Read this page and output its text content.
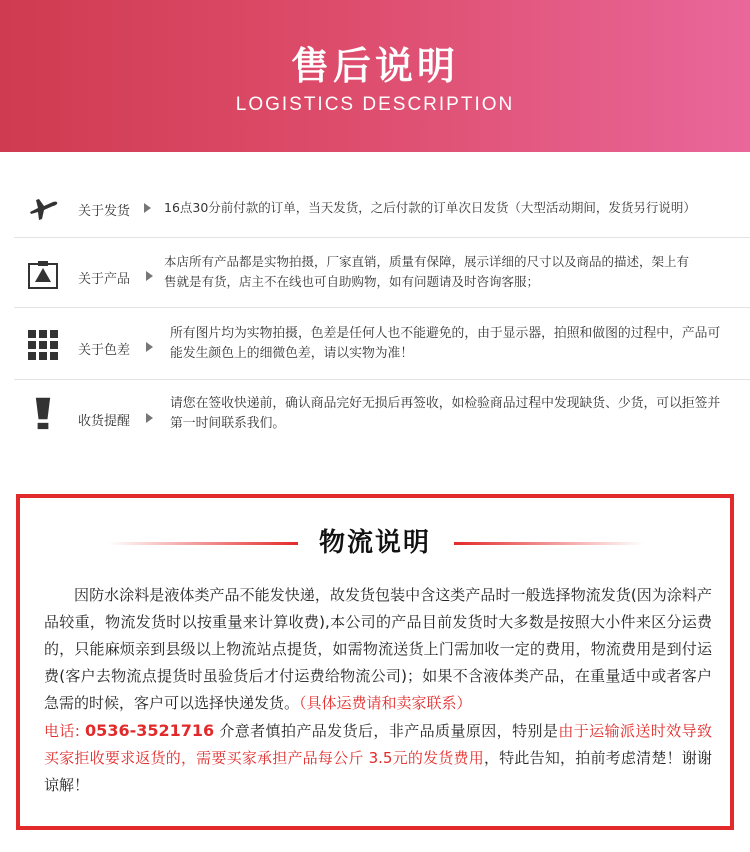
售后说明
LOGISTICS DESCRIPTION
关于发货	16点30分前付款的订单，当天发货，之后付款的订单次日发货（大型活动期间，发货另行说明）
关于产品
本店所有产品都是实物拍摄，厂家直销，质量有保障，展示详细的尺寸以及商品的描述，架上有售就是有货，店主不在线也可自助购物，如有问题请及时咨询客服；
关于色差
所有图片均为实物拍摄，色差是任何人也不能避免的，由于显示器，拍照和做图的过程中，产品可能发生颜色上的细微色差，请以实物为准！
收货提醒
请您在签收快递前，确认商品完好无损后再签收，如检验商品过程中发现缺货、少货，可以拒签并第一时间联系我们。
物流说明
因防水涂料是液体类产品不能发快递，故发货包装中含这类产品时一般选择物流发货(因为涂料产品较重，物流发货时以按重量来计算收费),本公司的产品目前发货时大多数是按照大小件来区分运费的，只能麻烦亲到县级以上物流站点提货，如需物流送货上门需加收一定的费用，物流费用是到付运费(客户去物流点提货时虽验货后才付运费给物流公司)；如果不含液体类产品，在重量适中或者客户急需的时候，客户可以选择快递发货。（具体运费请和卖家联系）
电话: 0536-3521716 介意者慎拍产品发货后，非产品质量原因，特别是由于运输派送时效导致买家拒收要求返货的，需要买家承担产品每公斤 3.5元的发货费用，特此告知，拍前考虑清楚！谢谢谅解！
